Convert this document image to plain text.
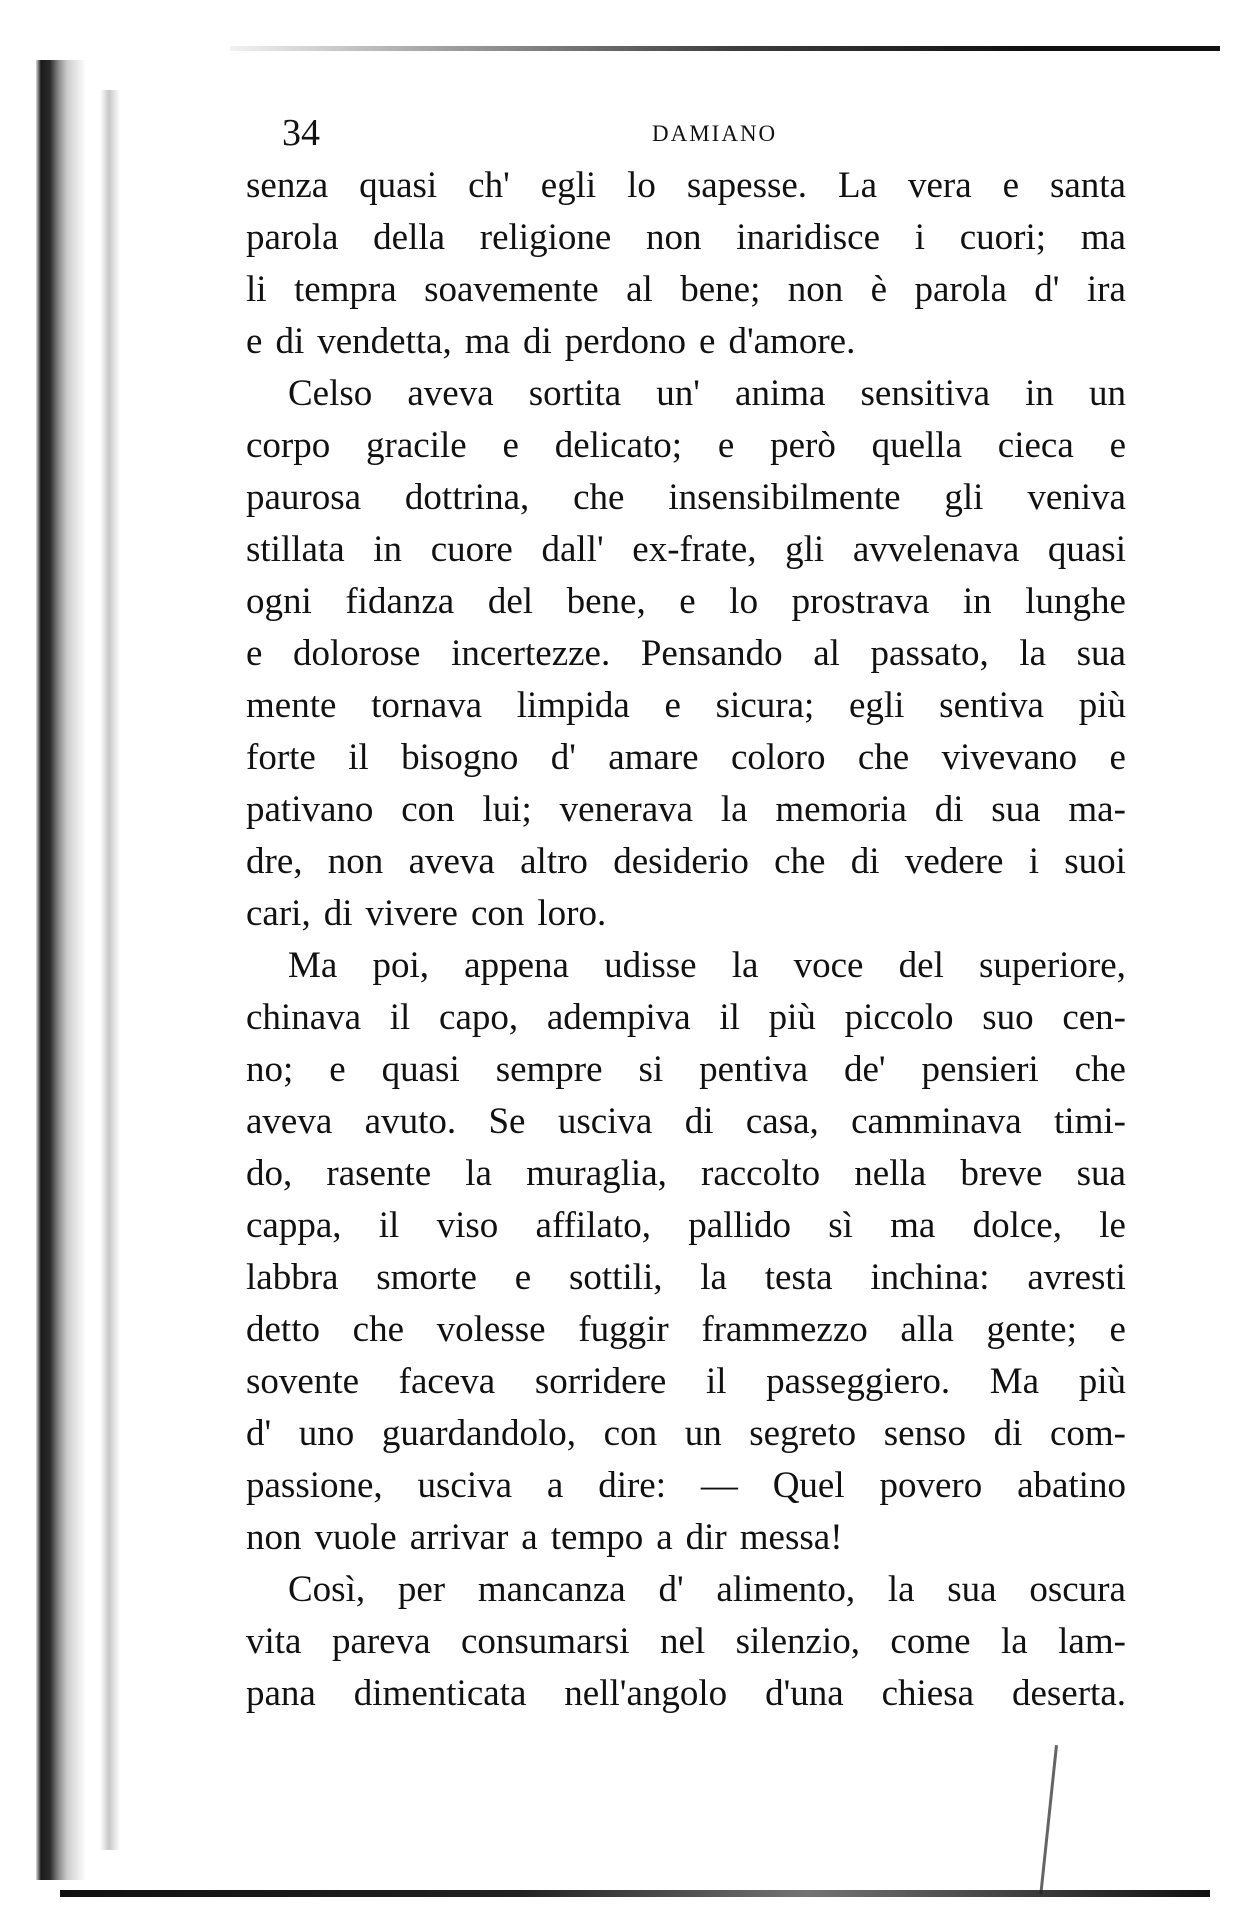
34	DAMIANO
senza quasi ch' egli lo sapesse. La vera e santa
parola della religione non inaridisce i cuori; ma
li tempra soavemente al bene; non è parola d' ira
e di vendetta, ma di perdono e d'amore.
Celso aveva sortita un' anima sensitiva in un
corpo gracile e delicato; e però quella cieca e
paurosa dottrina, che insensibilmente gli veniva
stillata in cuore dall' ex-frate, gli avvelenava quasi
ogni fidanza del bene, e lo prostrava in lunghe
e dolorose incertezze. Pensando al passato, la sua
mente tornava limpida e sicura; egli sentiva più
forte il bisogno d' amare coloro che vivevano e
pativano con lui; venerava la memoria di sua ma-
dre, non aveva altro desiderio che di vedere i suoi
cari, di vivere con loro.
Ma poi, appena udisse la voce del superiore,
chinava il capo, adempiva il più piccolo suo cen-
no; e quasi sempre si pentiva de' pensieri che
aveva avuto. Se usciva di casa, camminava timi-
do, rasente la muraglia, raccolto nella breve sua
cappa, il viso affilato, pallido sì ma dolce, le
labbra smorte e sottili, la testa inchina: avresti
detto che volesse fuggir frammezzo alla gente; e
sovente faceva sorridere il passeggiero. Ma più
d' uno guardandolo, con un segreto senso di com-
passione, usciva a dire: — Quel povero abatino
non vuole arrivar a tempo a dir messa!
Così, per mancanza d' alimento, la sua oscura
vita pareva consumarsi nel silenzio, come la lam-
pana dimenticata nell'angolo d'una chiesa deserta.
